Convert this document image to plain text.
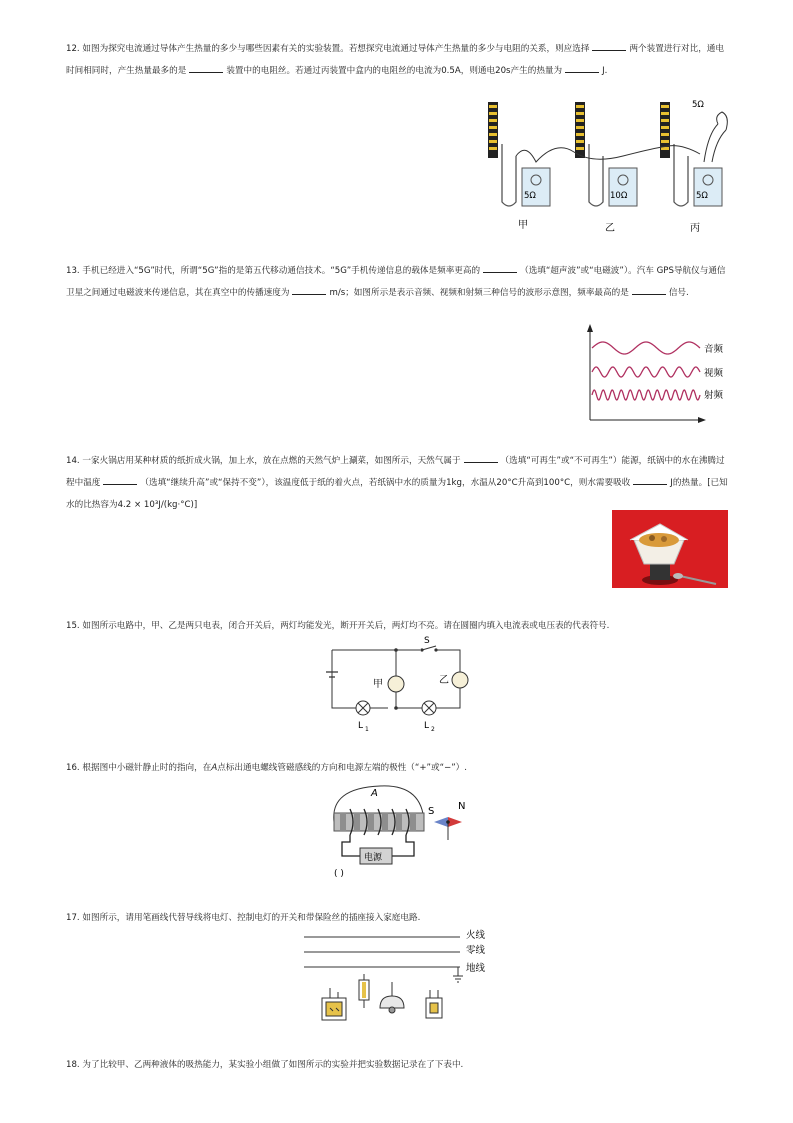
12. 如图为探究电流通过导体产生热量的多少与哪些因素有关的实验装置。若想探究电流通过导体产生热量的多少与电阻的关系，则应选择	两个装置进行对比，通电时间相同时，产生热量最多的是	装置中的电阻丝。若通过丙装置中盒内的电阻丝的电流为0.5A，则通电20s产生的热量为	J.
5Ω	10Ω	5Ω
5Ω
甲	乙	丙
13. 手机已经进入“5G”时代，所谓“5G”指的是第五代移动通信技术。“5G”手机传递信息的载体是频率更高的	（选填“超声波”或“电磁波”）。汽车 GPS导航仪与通信卫星之间通过电磁波来传递信息，其在真空中的传播速度为	m/s；如图所示是表示音频、视频和射频三种信号的波形示意图，频率最高的是	信号.
音频
视频
射频
14. 一家火锅店用某种材质的纸折成火锅，加上水，放在点燃的天然气炉上涮菜，如图所示，天然气属于	（选填“可再生”或“不可再生”）能源，纸锅中的水在沸腾过程中温度	（选填“继续升高”或“保持不变”），该温度低于纸的着火点，若纸锅中水的质量为1kg，水温从20°C升高到100°C，则水需要吸收	J的热量。[已知水的比热容为4.2 × 10³J/(kg·°C)]
15. 如图所示电路中，甲、乙是两只电表，闭合开关后，两灯均能发光，断开开关后，两灯均不亮。请在圆圈内填入电流表或电压表的代表符号.
S
甲	乙
L 1	L 2
16. 根据图中小磁针静止时的指向，在A点标出通电螺线管磁感线的方向和电源左端的极性（“+”或“−”）.
A
电源
( )
S N
17. 如图所示，请用笔画线代替导线将电灯、控制电灯的开关和带保险丝的插座接入家庭电路.
火线
零线
地线
18. 为了比较甲、乙两种液体的吸热能力，某实验小组做了如图所示的实验并把实验数据记录在了下表中.
